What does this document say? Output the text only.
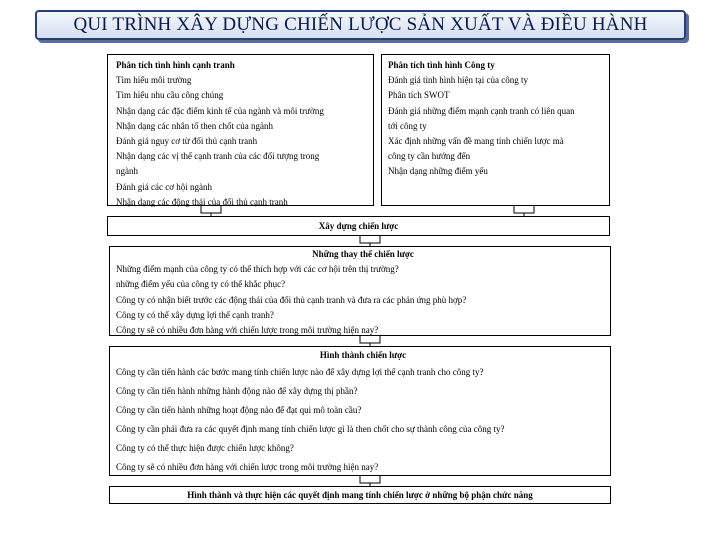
QUI TRÌNH XÂY DỰNG CHIẾN LƯỢC SẢN XUẤT VÀ ĐIỀU HÀNH
Phân tích tình hình cạnh tranh
Tìm hiểu môi trường
Tìm hiểu nhu cầu công chúng
Nhận dạng các đặc điểm kinh tế của ngành và môi trường
Nhận dạng các nhân tố then chốt của ngành
Đánh giá nguy cơ từ đối thủ cạnh tranh
Nhận dạng các vị thế cạnh tranh của các đối tượng trong
ngành
Đánh giá các cơ hội ngành
Nhận dạng các động thái của đối thủ cạnh tranh
Phân tích tình hình Công ty
Đánh giá tình hình hiện tại của công ty
Phân tích SWOT
Đánh giá những điểm mạnh cạnh tranh có liên quan
tới công ty
Xác định những vấn đề mang tính chiến lược mà
công ty cần hướng đến
Nhận dạng những điểm yếu
Xây dựng chiến lược
Những thay thế chiến lược
Những điểm mạnh của công ty có thể thích hợp với các cơ hội trên thị trường?
những điểm yếu của công ty có thể khắc phục?
Công ty có nhận biết trước các động thái của đối thủ cạnh tranh và đưa ra các phản ứng phù hợp?
Công ty có thể xây dựng lợi thế cạnh tranh?
Công ty sẽ có nhiều đơn hàng với chiến lược trong môi trường hiện nay?
Hình thành chiến lược
Công ty cần tiến hành các bước mang tính chiến lược nào để xây dựng lợi thế cạnh tranh cho công ty?
Công ty cần tiến hành những hành động nào để xây dựng thị phần?
Công ty cần tiến hành những hoạt động nào để đạt qui mô toàn cầu?
Công ty cần phải đưa ra các quyết định mang tính chiến lược gì là then chốt cho sự thành công của công ty?
Công ty có thể thực hiện được chiến lược không?
Công ty sẽ có nhiều đơn hàng với chiến lược trong môi trường hiện nay?
Hình thành và thực hiện các quyết định mang tính chiến lược ở những bộ phận chức năng
